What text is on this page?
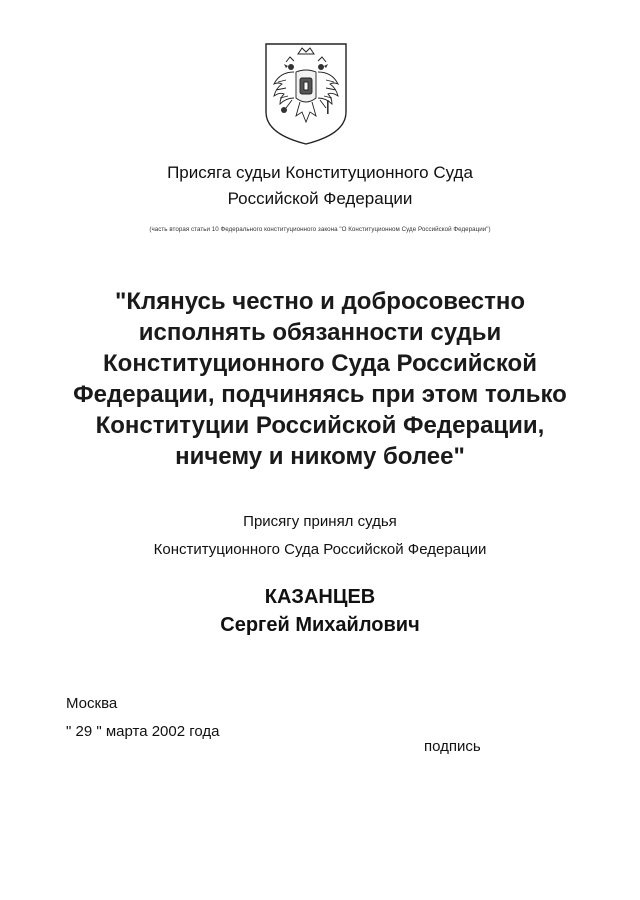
Присяга судьи Конституционного Суда
Российской Федерации
(часть вторая статьи 10 Федерального конституционного закона "О Конституционном Суде Российской Федерации")
"Клянусь честно и добросовестно
исполнять обязанности судьи
Конституционного Суда Российской
Федерации, подчиняясь при этом только
Конституции Российской Федерации,
ничему и никому более"
Присягу принял судья
Конституционного Суда Российской Федерации
КАЗАНЦЕВ
Сергей Михайлович
Москва
" 29 " марта 2002 года
подпись
